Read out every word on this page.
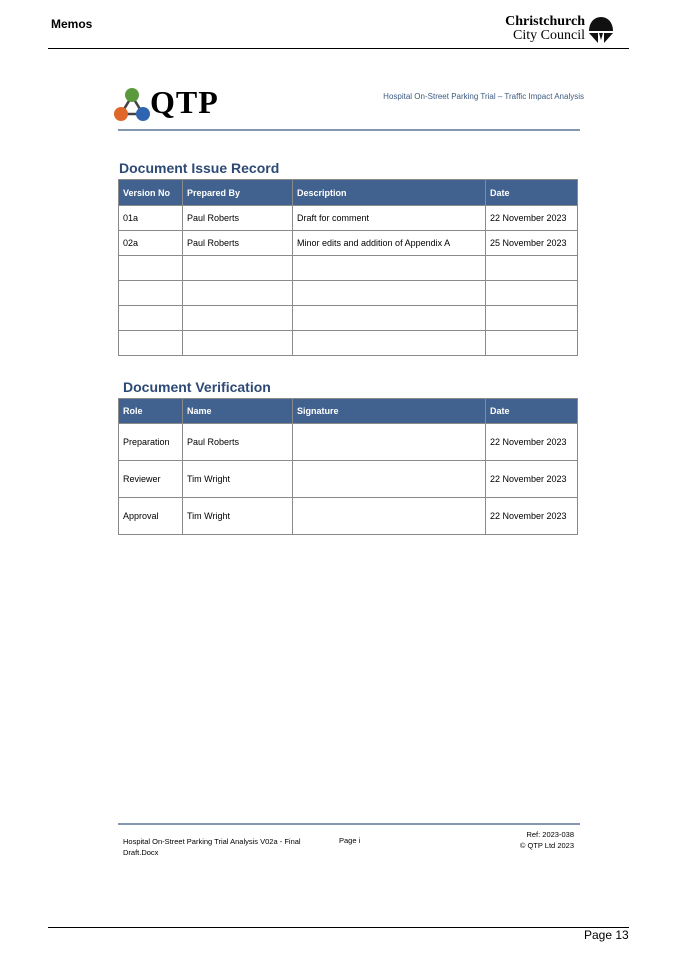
Memos	Christchurch
City Council
QTP	Hospital On-Street Parking Trial – Traffic Impact Analysis
Document Issue Record
Version No	Prepared By	Description	Date
01a	Paul Roberts	Draft for comment	22 November 2023
02a	Paul Roberts	Minor edits and addition of Appendix A	25 November 2023

Document Verification
Role	Name	Signature	Date
Preparation	Paul Roberts		22 November 2023
Reviewer	Tim Wright		22 November 2023
Approval	Tim Wright		22 November 2023
Hospital On-Street Parking Trial Analysis V02a - Final Draft.Docx
Page i
Ref: 2023-038
© QTP Ltd 2023
Page 13
